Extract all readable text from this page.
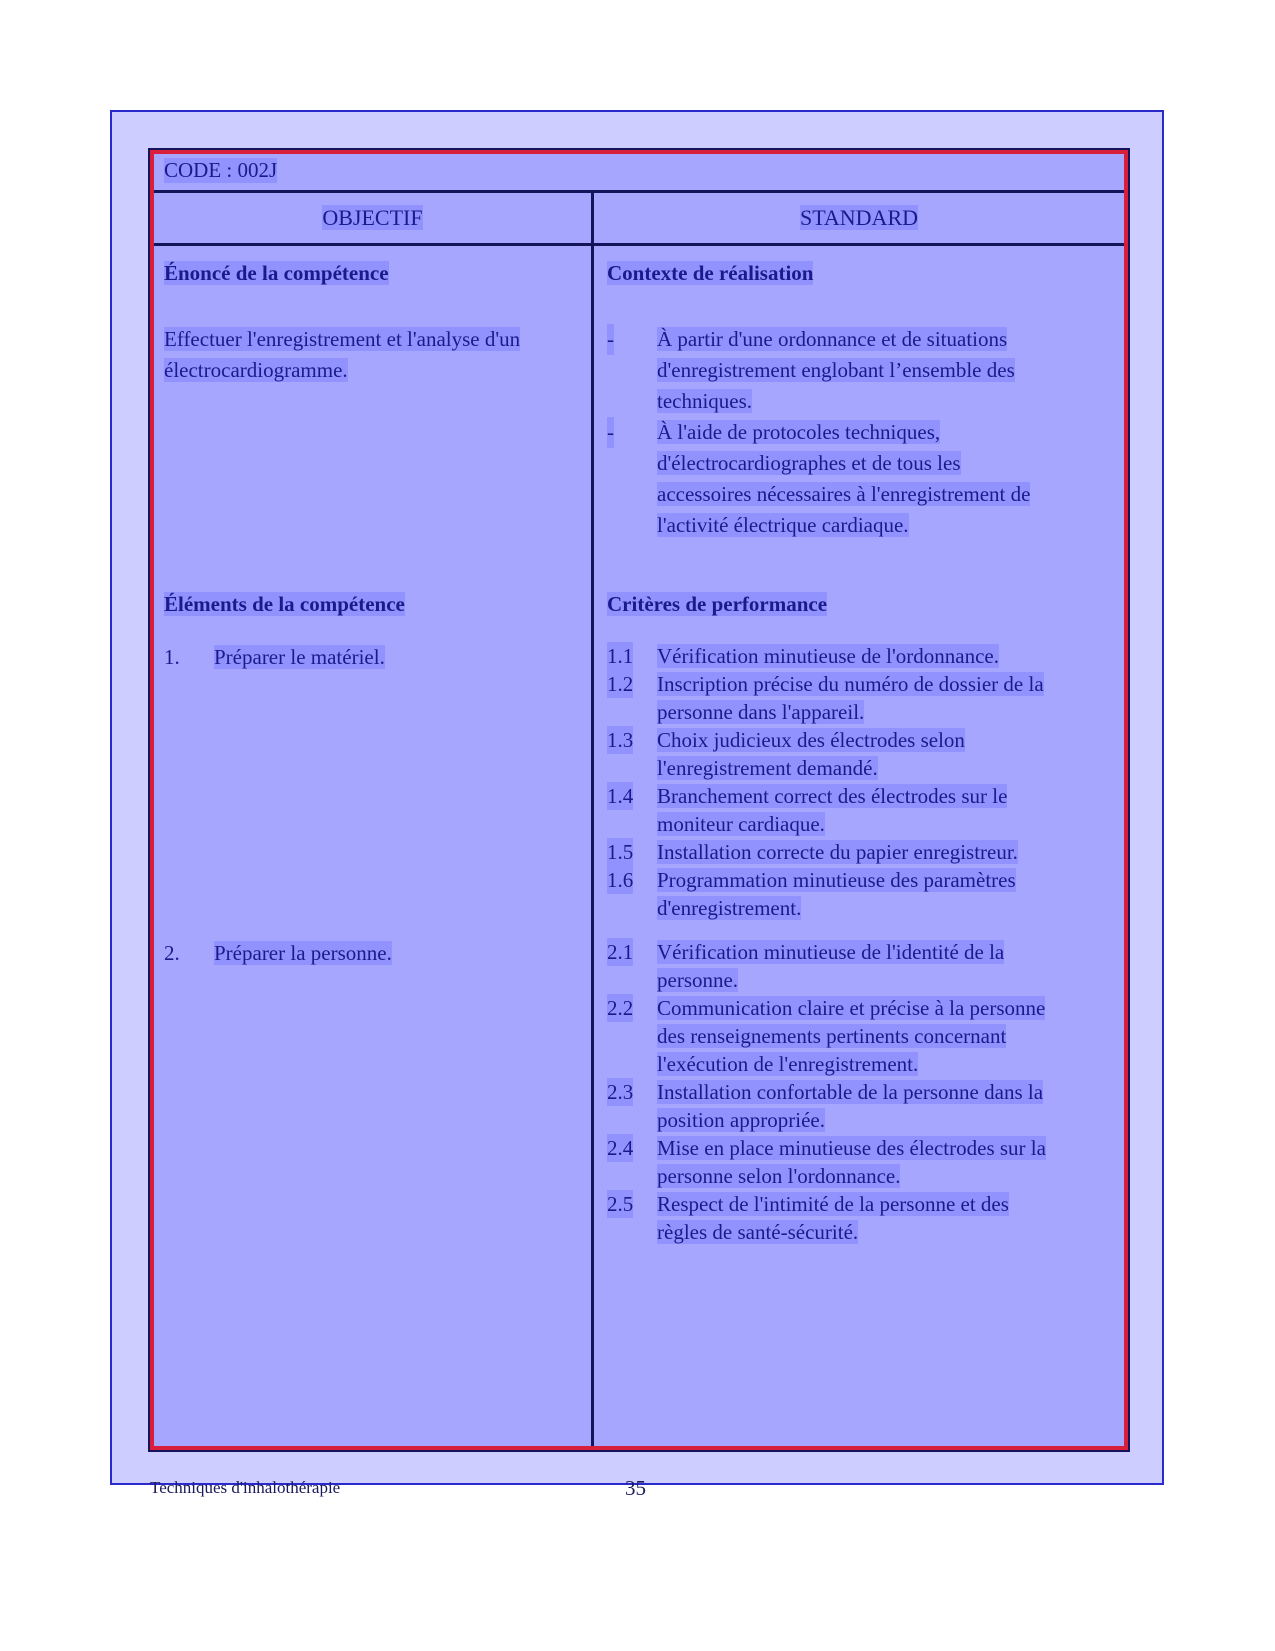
CODE : 002J
OBJECTIF	STANDARD
Énoncé de la compétence
Effectuer l'enregistrement et l'analyse d'un électrocardiogramme.
Contexte de réalisation
- À partir d'une ordonnance et de situations d'enregistrement englobant l’ensemble des techniques.
- À l'aide de protocoles techniques, d'électrocardiographes et de tous les accessoires nécessaires à l'enregistrement de l'activité électrique cardiaque.
Éléments de la compétence
1. Préparer le matériel.
2. Préparer la personne.
Critères de performance
1.1 Vérification minutieuse de l'ordonnance.
1.2 Inscription précise du numéro de dossier de la personne dans l'appareil.
1.3 Choix judicieux des électrodes selon l'enregistrement demandé.
1.4 Branchement correct des électrodes sur le moniteur cardiaque.
1.5 Installation correcte du papier enregistreur.
1.6 Programmation minutieuse des paramètres d'enregistrement.
2.1 Vérification minutieuse de l'identité de la personne.
2.2 Communication claire et précise à la personne des renseignements pertinents concernant l'exécution de l'enregistrement.
2.3 Installation confortable de la personne dans la position appropriée.
2.4 Mise en place minutieuse des électrodes sur la personne selon l'ordonnance.
2.5 Respect de l'intimité de la personne et des règles de santé-sécurité.
Techniques d'inhalothérapie	35
